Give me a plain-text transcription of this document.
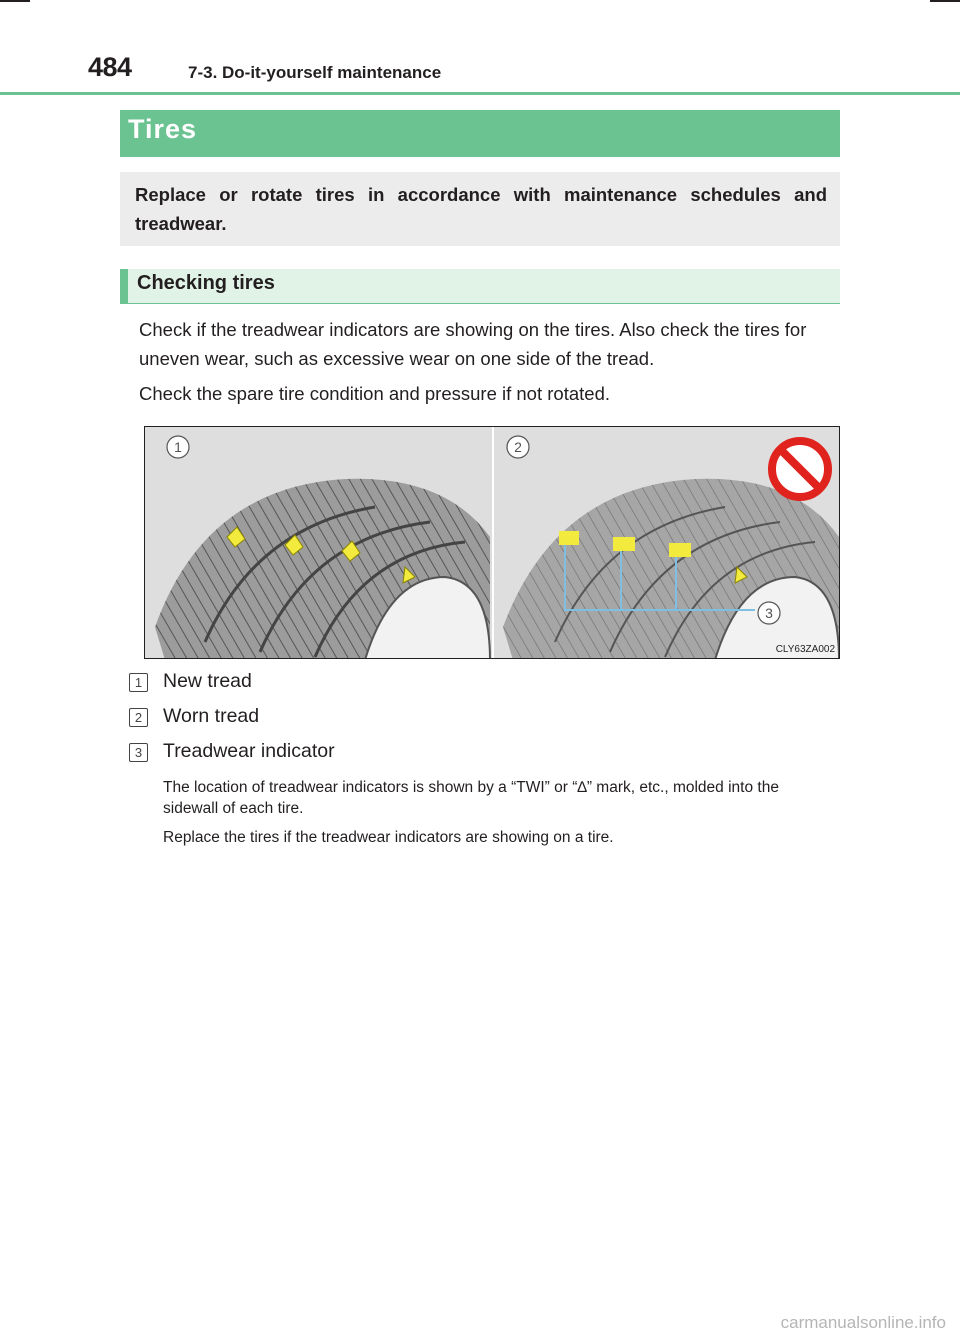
484	7-3. Do-it-yourself maintenance
Tires
Replace or rotate tires in accordance with maintenance schedules and treadwear.
Checking tires
Check if the treadwear indicators are showing on the tires. Also check the tires for uneven wear, such as excessive wear on one side of the tread.
Check the spare tire condition and pressure if not rotated.
1	2
3
CLY63ZA002
1	New tread
2	Worn tread
3	Treadwear indicator
The location of treadwear indicators is shown by a “TWI” or “∆” mark, etc., molded into the sidewall of each tire.
Replace the tires if the treadwear indicators are showing on a tire.
carmanualsonline.info
